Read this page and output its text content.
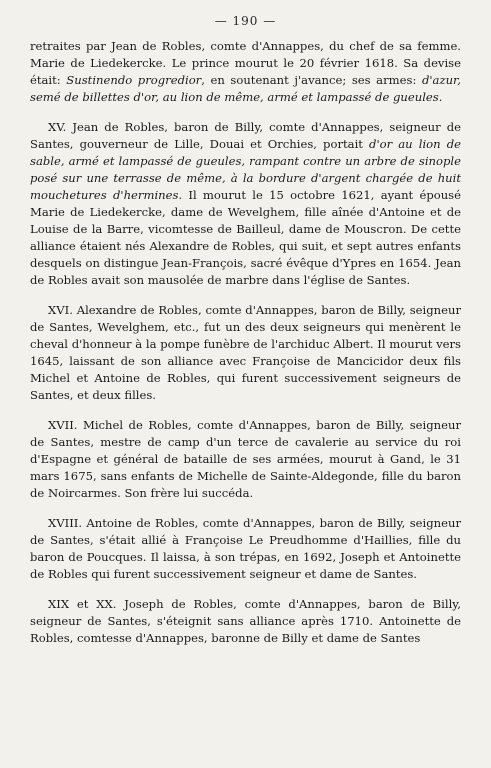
— 190 —

retraites par Jean de Robles, comte d'Annappes, du chef de sa femme. Marie de Liedekercke. Le prince mourut le 20 février 1618. Sa devise était: Sustinendo progredior, en soutenant j'avance; ses armes: d'azur, semé de billettes d'or, au lion de même, armé et lampassé de gueules.

XV. Jean de Robles, baron de Billy, comte d'Annappes, seigneur de Santes, gouverneur de Lille, Douai et Orchies, portait d'or au lion de sable, armé et lampassé de gueules, rampant contre un arbre de sinople posé sur une terrasse de même, à la bordure d'argent chargée de huit mouchetures d'hermines. Il mourut le 15 octobre 1621, ayant épousé Marie de Liedekercke, dame de Wevelghem, fille aînée d'Antoine et de Louise de la Barre, vicomtesse de Bailleul, dame de Mouscron. De cette alliance étaient nés Alexandre de Robles, qui suit, et sept autres enfants desquels on distingue Jean-François, sacré évêque d'Ypres en 1654. Jean de Robles avait son mausolée de marbre dans l'église de Santes.

XVI. Alexandre de Robles, comte d'Annappes, baron de Billy, seigneur de Santes, Wevelghem, etc., fut un des deux seigneurs qui menèrent le cheval d'honneur à la pompe funèbre de l'archiduc Albert. Il mourut vers 1645, laissant de son alliance avec Françoise de Mancicidor deux fils Michel et Antoine de Robles, qui furent successivement seigneurs de Santes, et deux filles.

XVII. Michel de Robles, comte d'Annappes, baron de Billy, seigneur de Santes, mestre de camp d'un terce de cavalerie au service du roi d'Espagne et général de bataille de ses armées, mourut à Gand, le 31 mars 1675, sans enfants de Michelle de Sainte-Aldegonde, fille du baron de Noircarmes. Son frère lui succéda.

XVIII. Antoine de Robles, comte d'Annappes, baron de Billy, seigneur de Santes, s'était allié à Françoise Le Preudhomme d'Haillies, fille du baron de Poucques. Il laissa, à son trépas, en 1692, Joseph et Antoinette de Robles qui furent successivement seigneur et dame de Santes.

XIX et XX. Joseph de Robles, comte d'Annappes, baron de Billy, seigneur de Santes, s'éteignit sans alliance après 1710. Antoinette de Robles, comtesse d'Annappes, baronne de Billy et dame de Santes
